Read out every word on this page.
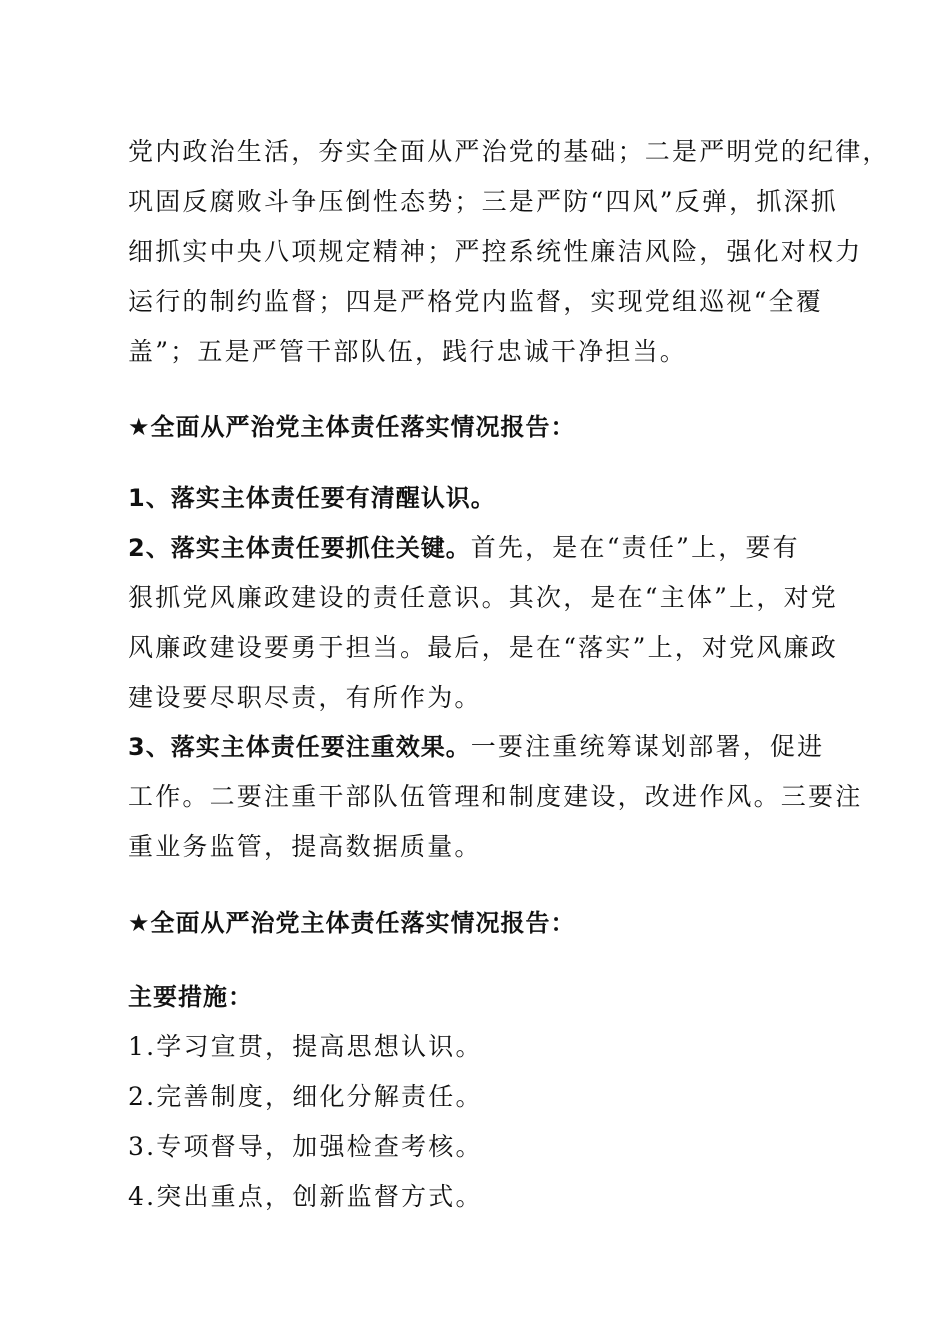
党内政治生活，夯实全面从严治党的基础；二是严明党的纪律，
巩固反腐败斗争压倒性态势；三是严防“四风”反弹，抓深抓
细抓实中央八项规定精神；严控系统性廉洁风险，强化对权力
运行的制约监督；四是严格党内监督，实现党组巡视“全覆
盖”；五是严管干部队伍，践行忠诚干净担当。
★全面从严治党主体责任落实情况报告：
1、落实主体责任要有清醒认识。
2、落实主体责任要抓住关键。首先，是在“责任”上，要有
狠抓党风廉政建设的责任意识。其次，是在“主体”上，对党
风廉政建设要勇于担当。最后，是在“落实”上，对党风廉政
建设要尽职尽责，有所作为。
3、落实主体责任要注重效果。一要注重统筹谋划部署，促进
工作。二要注重干部队伍管理和制度建设，改进作风。三要注
重业务监管，提高数据质量。
★全面从严治党主体责任落实情况报告：
主要措施：
1.学习宣贯，提高思想认识。
2.完善制度，细化分解责任。
3.专项督导，加强检查考核。
4.突出重点，创新监督方式。
